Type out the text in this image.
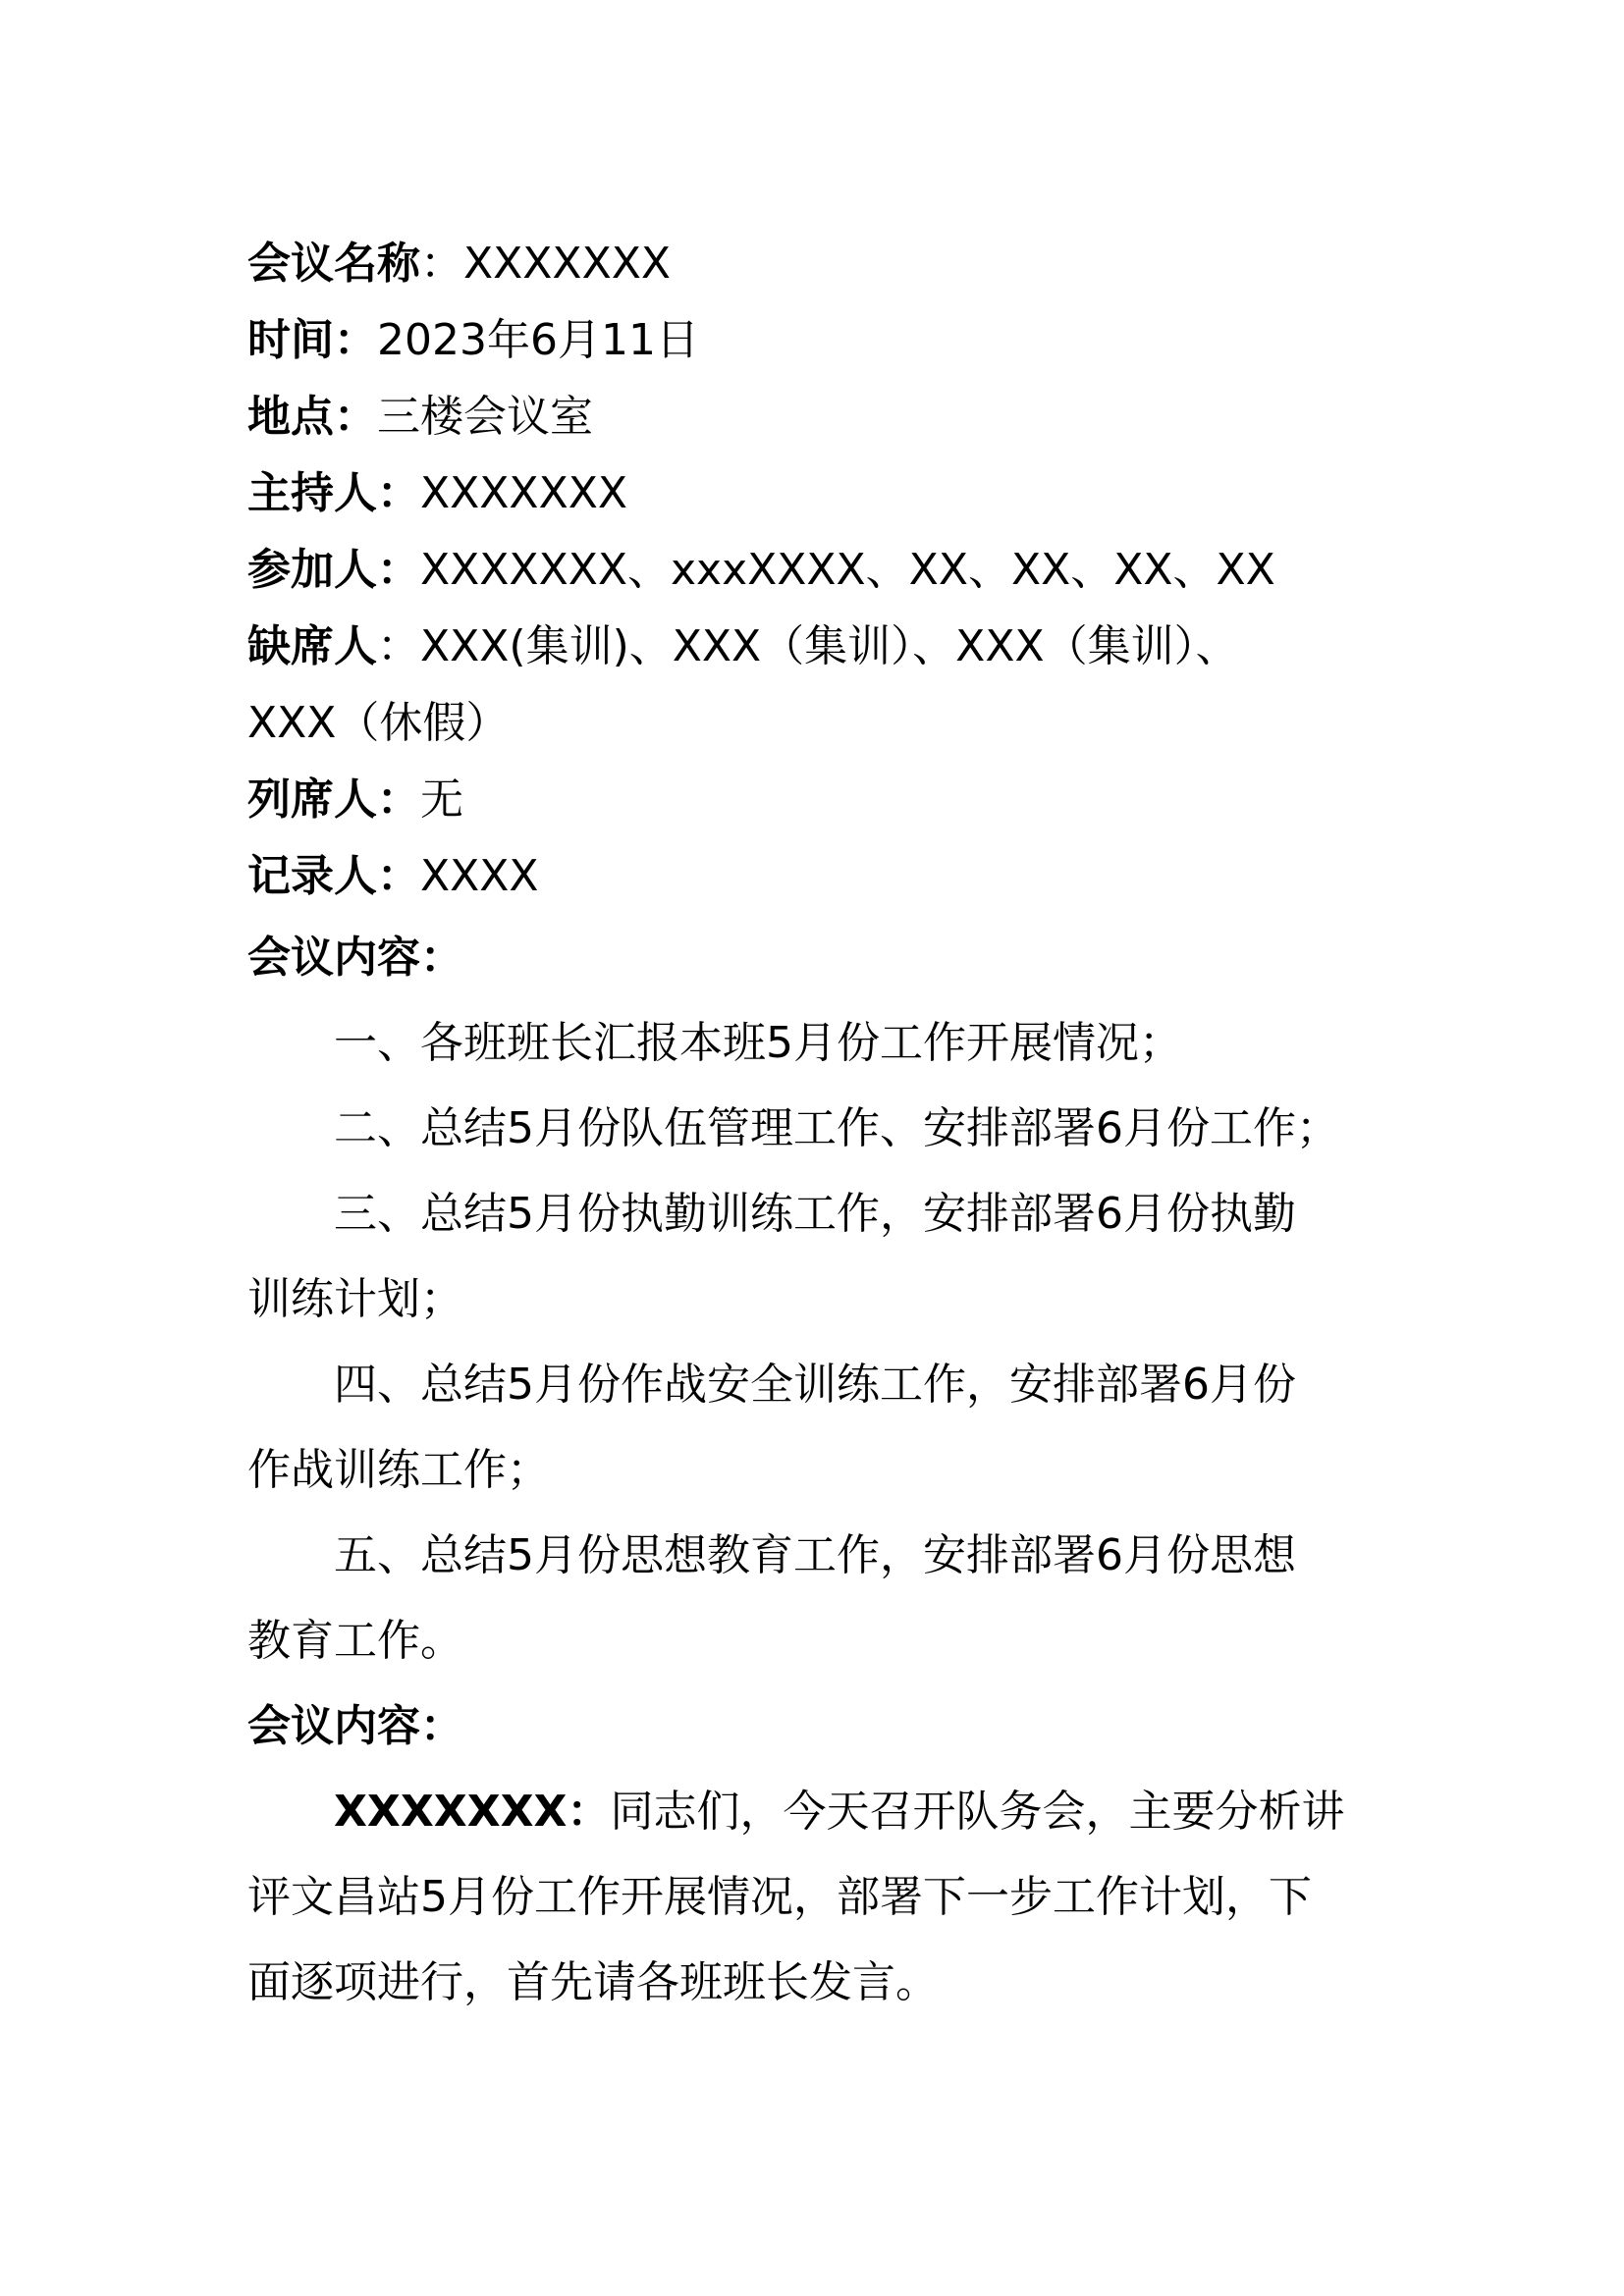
会议名称：XXXXXXX
时间：2023年6月11日
地点：三楼会议室
主持人：XXXXXXX
参加人：XXXXXXX、xxxXXXX、XX、XX、XX、XX
缺席人：XXX(集训)、XXX（集训）、XXX（集训）、
XXX（休假）
列席人：无
记录人：XXXX
会议内容：
一、各班班长汇报本班5月份工作开展情况；
二、总结5月份队伍管理工作、安排部署6月份工作；
三、总结5月份执勤训练工作，安排部署6月份执勤
训练计划；
四、总结5月份作战安全训练工作，安排部署6月份
作战训练工作；
五、总结5月份思想教育工作，安排部署6月份思想
教育工作。
会议内容：
XXXXXXX：同志们，今天召开队务会，主要分析讲
评文昌站5月份工作开展情况，部署下一步工作计划，下
面逐项进行，首先请各班班长发言。
